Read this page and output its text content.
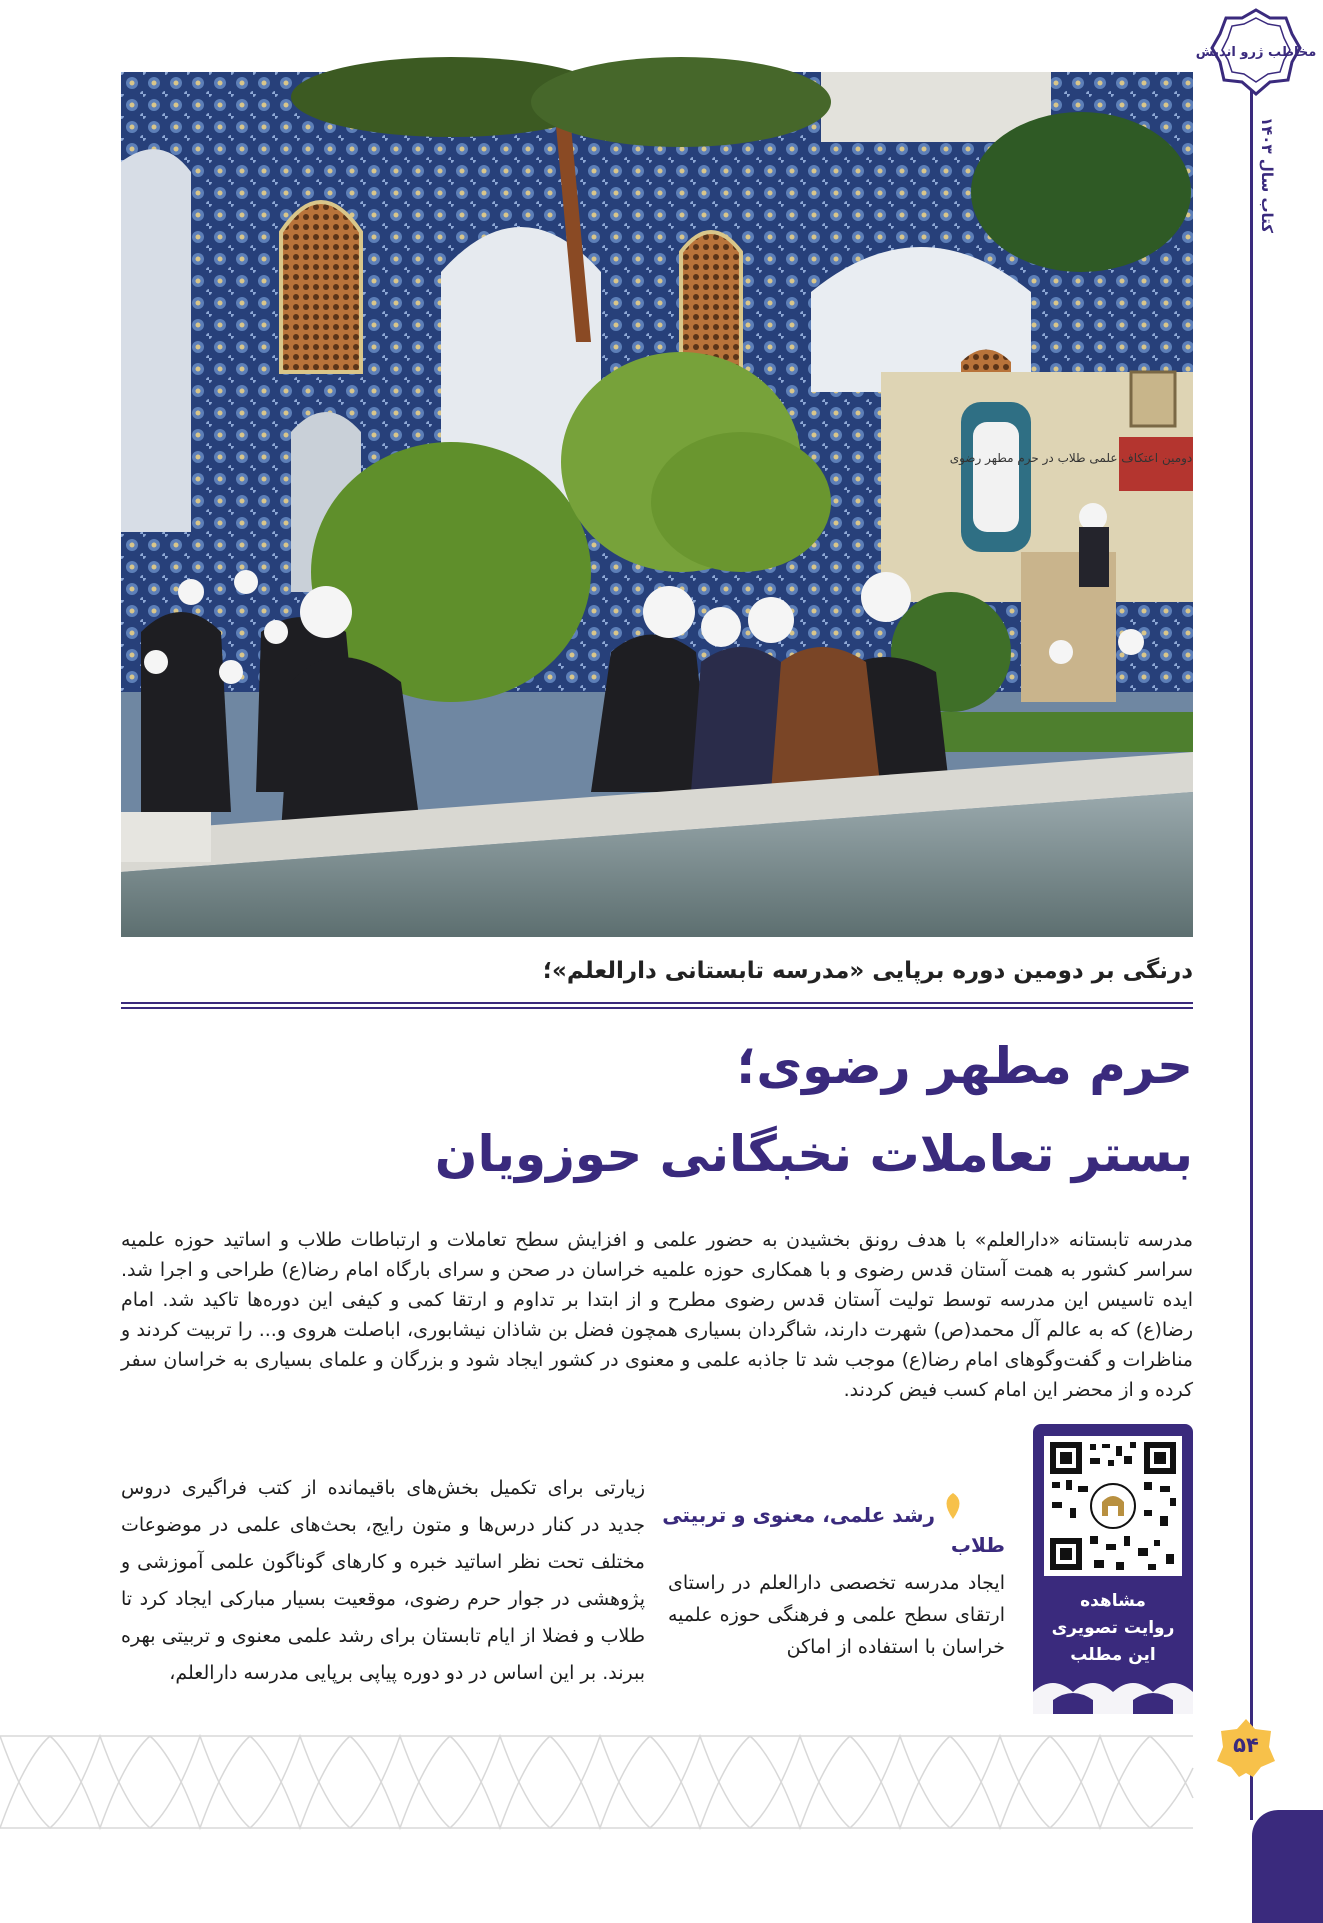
مخاطب ژرو اندیش
کتاب سال ۱۴۰۳
دومین اعتکاف علمی طلاب در حرم مطهر رضوی
درنگی بر دومین دوره برپایی «مدرسه تابستانی دارالعلم»؛
حرم مطهر رضوی؛
بستر تعاملات نخبگانی حوزویان
مدرسه تابستانه «دارالعلم» با هدف رونق بخشیدن به حضور علمی و افزایش سطح تعاملات و ارتباطات طلاب و اساتید حوزه علمیه سراسر کشور به همت آستان قدس رضوی و با همکاری حوزه علمیه خراسان در صحن و سرای بارگاه امام رضا(ع) طراحی و اجرا شد. ایده تاسیس این مدرسه توسط تولیت آستان قدس رضوی مطرح و از ابتدا بر تداوم و ارتقا کمی و کیفی این دوره‌ها تاکید شد. امام رضا(ع) که به عالم آل محمد(ص) شهرت دارند، شاگردان بسیاری همچون فضل بن شاذان نیشابوری، اباصلت هروی و... را تربیت کردند و مناظرات و گفت‌وگوهای امام رضا(ع) موجب شد تا جاذبه علمی و معنوی در کشور ایجاد شود و بزرگان و علمای بسیاری به خراسان سفر کرده و از محضر این امام کسب فیض کردند.
مشاهده
روایت تصویری
این مطلب
رشد علمی، معنوی و تربیتی
طلاب
ایجاد مدرسه تخصصی دارالعلم در راستای ارتقای سطح علمی و فرهنگی حوزه علمیه خراسان با استفاده از اماکن
زیارتی برای تکمیل بخش‌های باقیمانده از کتب فراگیری دروس جدید در کنار درس‌ها و متون رایج، بحث‌های علمی در موضوعات مختلف تحت نظر اساتید خبره و کارهای گوناگون علمی آموزشی و پژوهشی در جوار حرم رضوی، موقعیت بسیار مبارکی ایجاد کرد تا طلاب و فضلا از ایام تابستان برای رشد علمی معنوی و تربیتی بهره ببرند. بر این اساس در دو دوره پیاپی برپایی مدرسه دارالعلم،
۵۴
